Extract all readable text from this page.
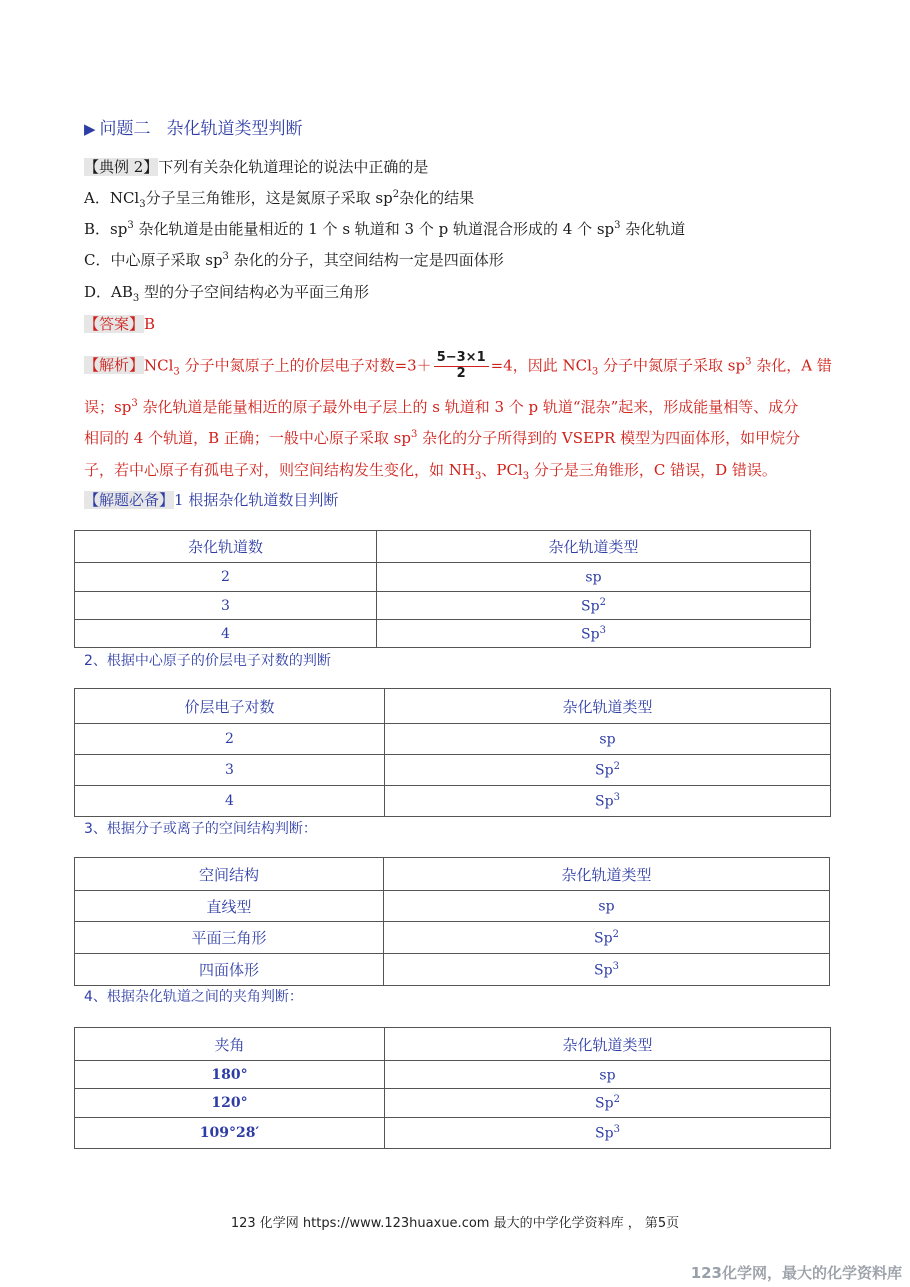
▶ 问题二 杂化轨道类型判断
【典例 2】下列有关杂化轨道理论的说法中正确的是
A．NCl$_3$分子呈三角锥形，这是氮原子采取 $sp^2$杂化的结果
B．$sp^3$ 杂化轨道是由能量相近的 1 个 s 轨道和 3 个 p 轨道混合形成的 4 个 $sp^3$ 杂化轨道
C．中心原子采取 $sp^3$ 杂化的分子，其空间结构一定是四面体形
D．$AB_3$ 型的分子空间结构必为平面三角形
【答案】B
【解析】NCl$_3$ 分子中氮原子上的价层电子对数$=3+ \frac{5-3\times 1}{2} =4$，因此 NCl$_3$ 分子中氮原子采取 $sp^3$ 杂化，A 错
误；$sp^3$ 杂化轨道是能量相近的原子最外电子层上的 s 轨道和 3 个 p 轨道“混杂”起来，形成能量相等、成分
相同的 4 个轨道，B 正确；一般中心原子采取 $sp^3$ 杂化的分子所得到的 VSEPR 模型为四面体形，如甲烷分
子，若中心原子有孤电子对，则空间结构发生变化，如 $NH_3$、PCl$_3$ 分子是三角锥形，C 错误，D 错误。
【解题必备】1 根据杂化轨道数目判断
杂化轨道数	杂化轨道类型
2	sp
3	Sp$^2$
4	Sp$^3$
2、根据中心原子的价层电子对数的判断
价层电子对数	杂化轨道类型
2	sp
3	Sp$^2$
4	Sp$^3$
3、根据分子或离子的空间结构判断：
空间结构	杂化轨道类型
直线型	sp
平面三角形	Sp$^2$
四面体形	Sp$^3$
4、根据杂化轨道之间的夹角判断：
夹角	杂化轨道类型
180°	sp
120°	Sp$^2$
109°28′	Sp$^3$
123 化学网 https://www.123huaxue.com 最大的中学化学资料库 ， 第5页
123化学网，最大的化学资料库
